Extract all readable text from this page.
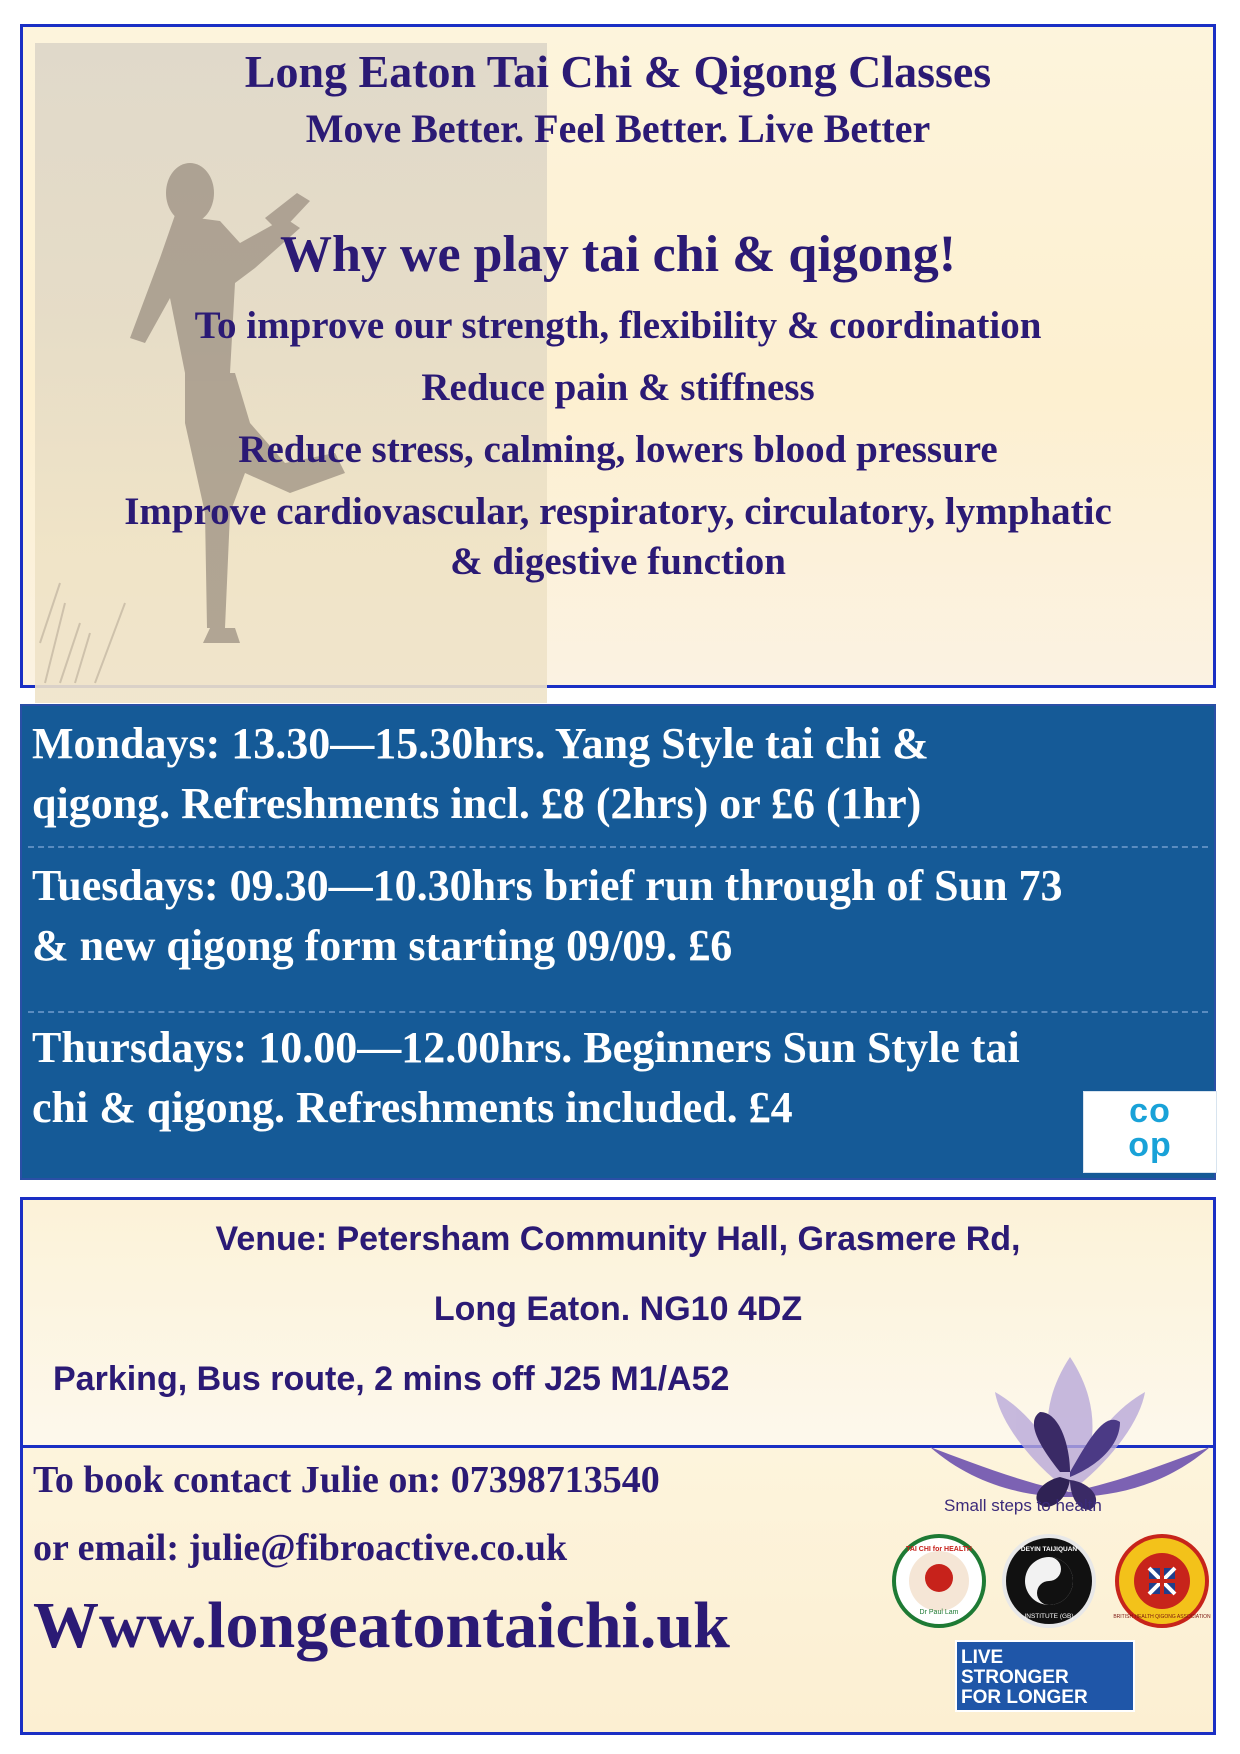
Long Eaton Tai Chi & Qigong Classes
Move Better. Feel Better. Live Better
Why we play tai chi & qigong!
To improve our strength, flexibility & coordination
Reduce pain & stiffness
Reduce stress, calming, lowers blood pressure
Improve cardiovascular, respiratory, circulatory, lymphatic
& digestive function
Mondays: 13.30—15.30hrs. Yang Style tai chi &
qigong. Refreshments incl. £8 (2hrs) or £6 (1hr)
Tuesdays: 09.30—10.30hrs brief run through of Sun 73
& new qigong form starting 09/09. £6
Thursdays: 10.00—12.00hrs. Beginners Sun Style tai
chi & qigong. Refreshments included. £4	co
op
Venue: Petersham Community Hall, Grasmere Rd,
Long Eaton. NG10 4DZ
Parking, Bus route, 2 mins off J25 M1/A52
To book contact Julie on: 07398713540
or email: julie@fibroactive.co.uk
Www.longeatontaichi.uk
Small steps to health
Dr Paul Lam
TAI CHI for HEALTH	DEYIN TAIJIQUAN
INSTITUTE (GB)	BRITISH HEALTH QIGONG ASSOCIATION
LIVE
STRONGER
FOR LONGER
